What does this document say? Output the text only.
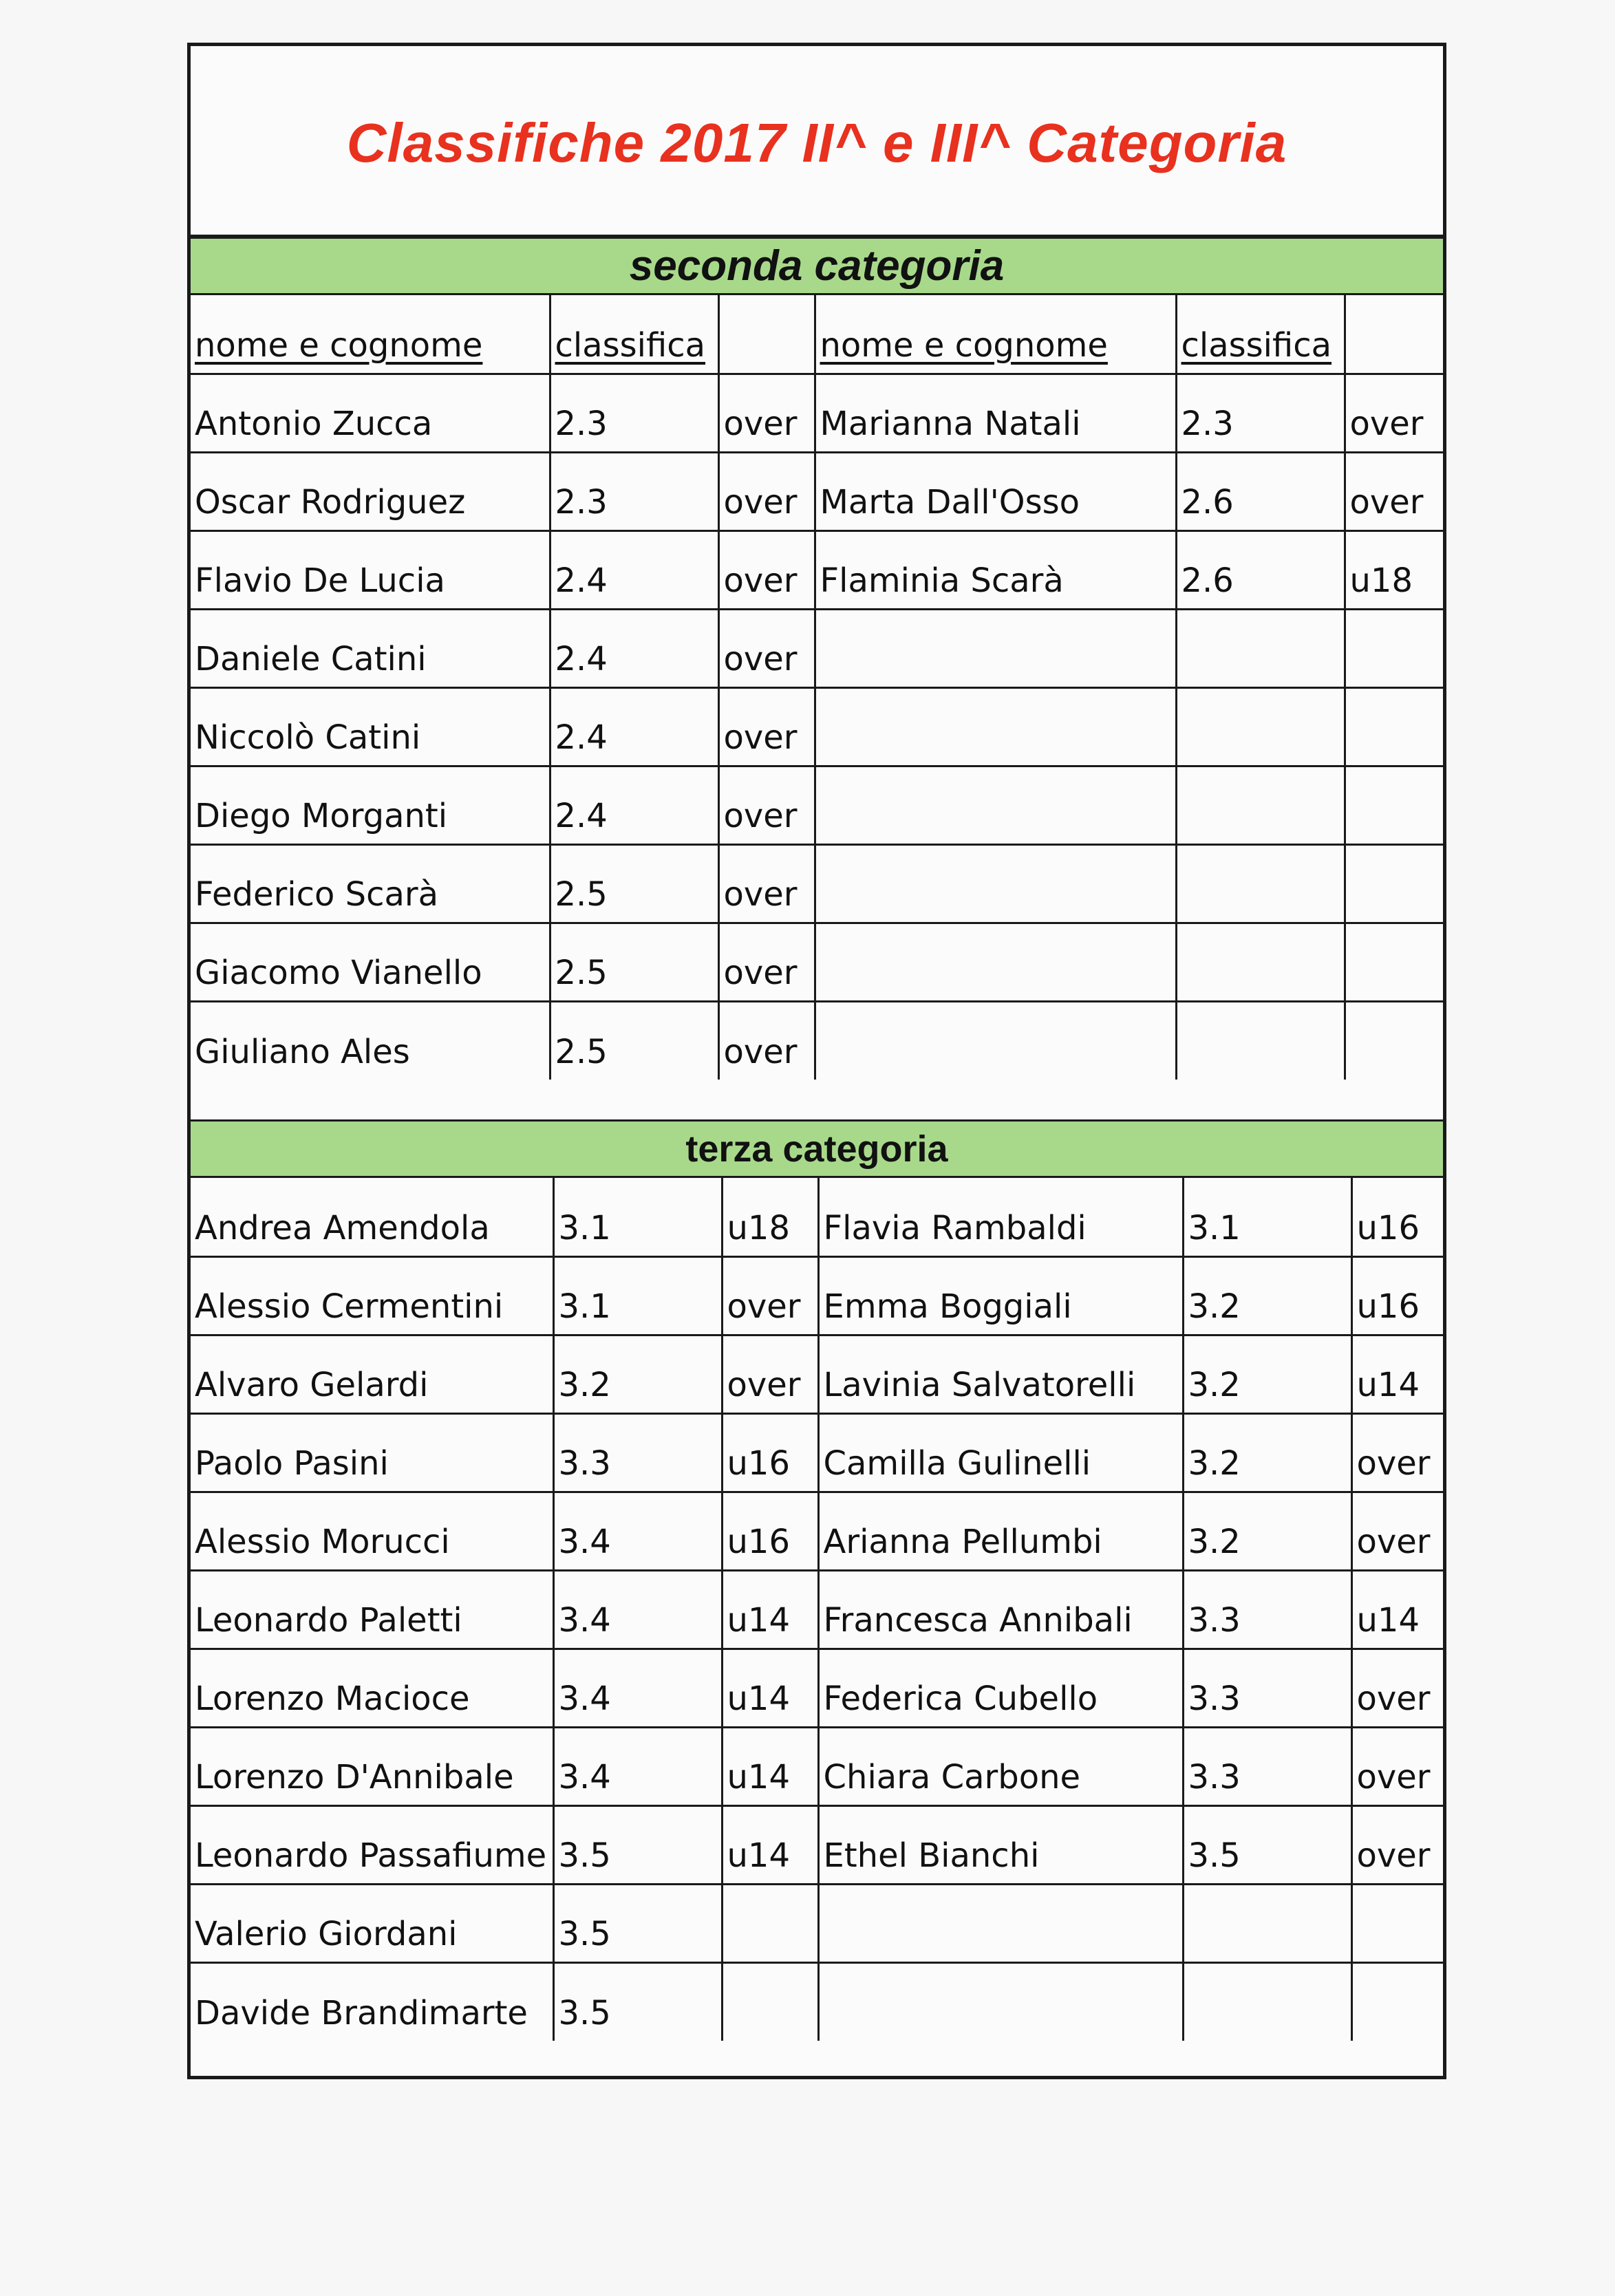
Classifiche 2017 II^ e III^ Categoria
seconda categoria
nome e cognome	classifica		nome e cognome	classifica	
Antonio Zucca	2.3	over	Marianna Natali	2.3	over
Oscar Rodriguez	2.3	over	Marta Dall'Osso	2.6	over
Flavio De Lucia	2.4	over	Flaminia Scarà	2.6	u18
Daniele Catini	2.4	over			
Niccolò Catini	2.4	over			
Diego Morganti	2.4	over			
Federico Scarà	2.5	over			
Giacomo Vianello	2.5	over			
Giuliano Ales	2.5	over			
terza categoria
Andrea Amendola	3.1	u18	Flavia Rambaldi	3.1	u16
Alessio Cermentini	3.1	over	Emma Boggiali	3.2	u16
Alvaro Gelardi	3.2	over	Lavinia Salvatorelli	3.2	u14
Paolo Pasini	3.3	u16	Camilla Gulinelli	3.2	over
Alessio Morucci	3.4	u16	Arianna Pellumbi	3.2	over
Leonardo Paletti	3.4	u14	Francesca Annibali	3.3	u14
Lorenzo Macioce	3.4	u14	Federica Cubello	3.3	over
Lorenzo D'Annibale	3.4	u14	Chiara Carbone	3.3	over
Leonardo Passafiume	3.5	u14	Ethel Bianchi	3.5	over
Valerio Giordani	3.5				
Davide Brandimarte	3.5				
